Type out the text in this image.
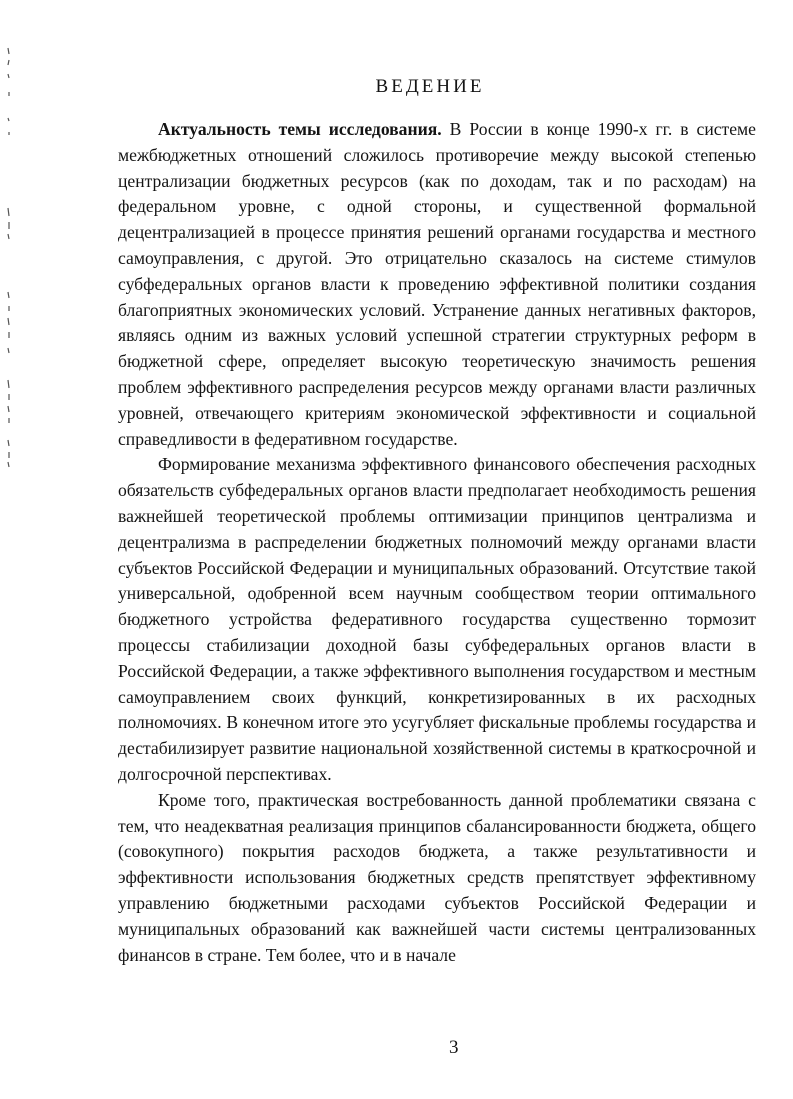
ВЕДЕНИЕ

Актуальность темы исследования. В России в конце 1990-х гг. в системе межбюджетных отношений сложилось противоречие между высокой степенью централизации бюджетных ресурсов (как по доходам, так и по расходам) на федеральном уровне, с одной стороны, и существенной формальной децентрализацией в процессе принятия решений органами государства и местного самоуправления, с другой. Это отрицательно сказалось на системе стимулов субфедеральных органов власти к проведению эффективной политики создания благоприятных экономических условий. Устранение данных негативных факторов, являясь одним из важных условий успешной стратегии структурных реформ в бюджетной сфере, определяет высокую теоретическую значимость решения проблем эффективного распределения ресурсов между органами власти различных уровней, отвечающего критериям экономической эффективности и социальной справедливости в федеративном государстве.

Формирование механизма эффективного финансового обеспечения расходных обязательств субфедеральных органов власти предполагает необходимость решения важнейшей теоретической проблемы оптимизации принципов централизма и децентрализма в распределении бюджетных полномочий между органами власти субъектов Российской Федерации и муниципальных образований. Отсутствие такой универсальной, одобренной всем научным сообществом теории оптимального бюджетного устройства федеративного государства существенно тормозит процессы стабилизации доходной базы субфедеральных органов власти в Российской Федерации, а также эффективного выполнения государством и местным самоуправлением своих функций, конкретизированных в их расходных полномочиях. В конечном итоге это усугубляет фискальные проблемы государства и дестабилизирует развитие национальной хозяйственной системы в краткосрочной и долгосрочной перспективах.

Кроме того, практическая востребованность данной проблематики связана с тем, что неадекватная реализация принципов сбалансированности бюджета, общего (совокупного) покрытия расходов бюджета, а также результативности и эффективности использования бюджетных средств препятствует эффективному управлению бюджетными расходами субъектов Российской Федерации и муниципальных образований как важнейшей части системы централизованных финансов в стране. Тем более, что и в начале

3
